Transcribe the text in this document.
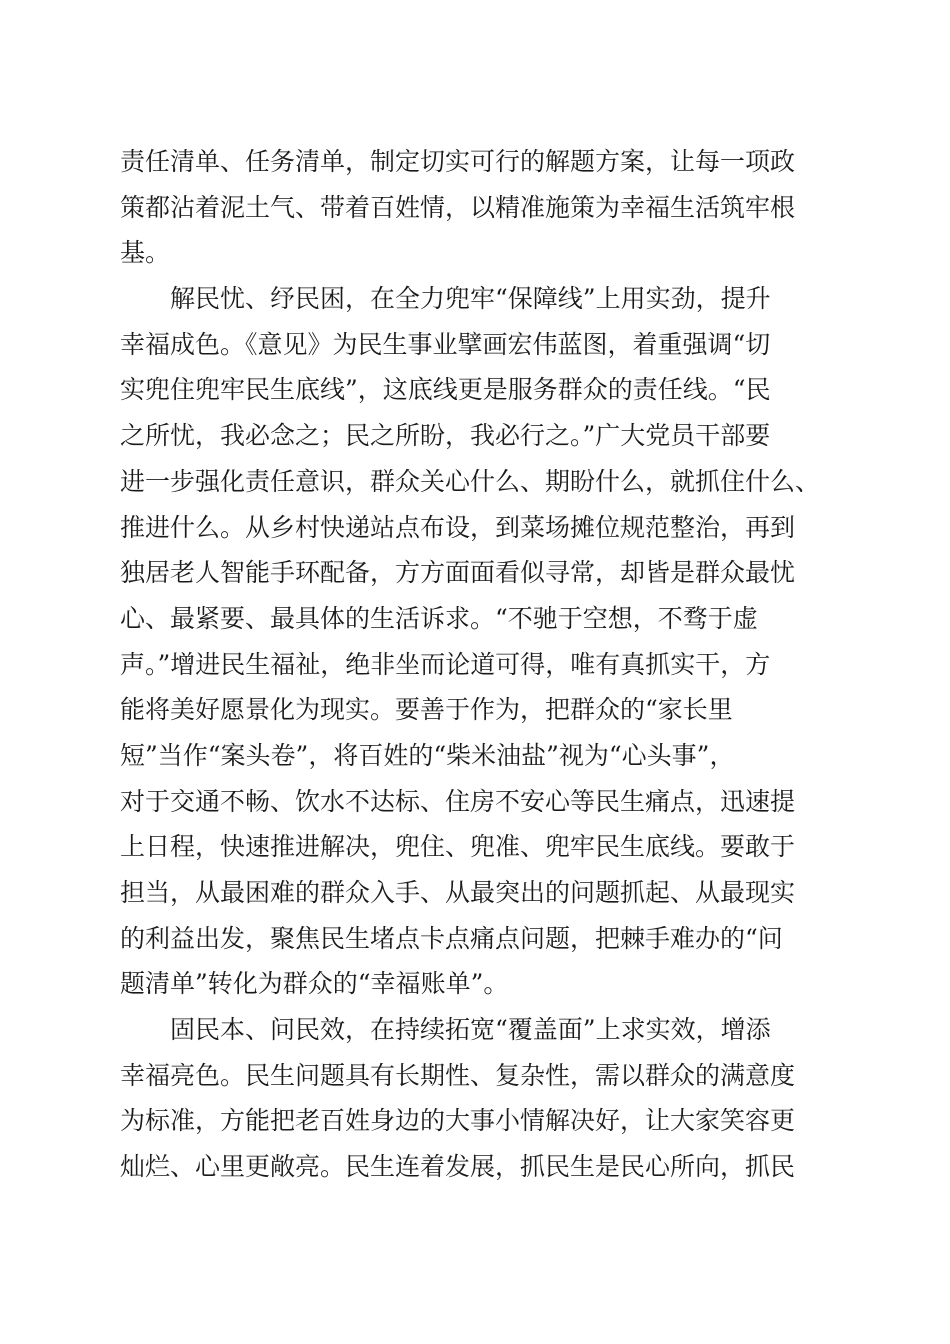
责任清单、任务清单，制定切实可行的解题方案，让每一项政
策都沾着泥土气、带着百姓情，以精准施策为幸福生活筑牢根
基。
解民忧、纾民困，在全力兜牢“保障线”上用实劲，提升
幸福成色。《意见》为民生事业擘画宏伟蓝图，着重强调“切
实兜住兜牢民生底线”，这底线更是服务群众的责任线。“民
之所忧，我必念之；民之所盼，我必行之。”广大党员干部要
进一步强化责任意识，群众关心什么、期盼什么，就抓住什么、
推进什么。从乡村快递站点布设，到菜场摊位规范整治，再到
独居老人智能手环配备，方方面面看似寻常，却皆是群众最忧
心、最紧要、最具体的生活诉求。“不驰于空想，不骛于虚
声。”增进民生福祉，绝非坐而论道可得，唯有真抓实干，方
能将美好愿景化为现实。要善于作为，把群众的“家长里
短”当作“案头卷”，将百姓的“柴米油盐”视为“心头事”，
对于交通不畅、饮水不达标、住房不安心等民生痛点，迅速提
上日程，快速推进解决，兜住、兜准、兜牢民生底线。要敢于
担当，从最困难的群众入手、从最突出的问题抓起、从最现实
的利益出发，聚焦民生堵点卡点痛点问题，把棘手难办的“问
题清单”转化为群众的“幸福账单”。
固民本、问民效，在持续拓宽“覆盖面”上求实效，增添
幸福亮色。民生问题具有长期性、复杂性，需以群众的满意度
为标准，方能把老百姓身边的大事小情解决好，让大家笑容更
灿烂、心里更敞亮。民生连着发展，抓民生是民心所向，抓民
